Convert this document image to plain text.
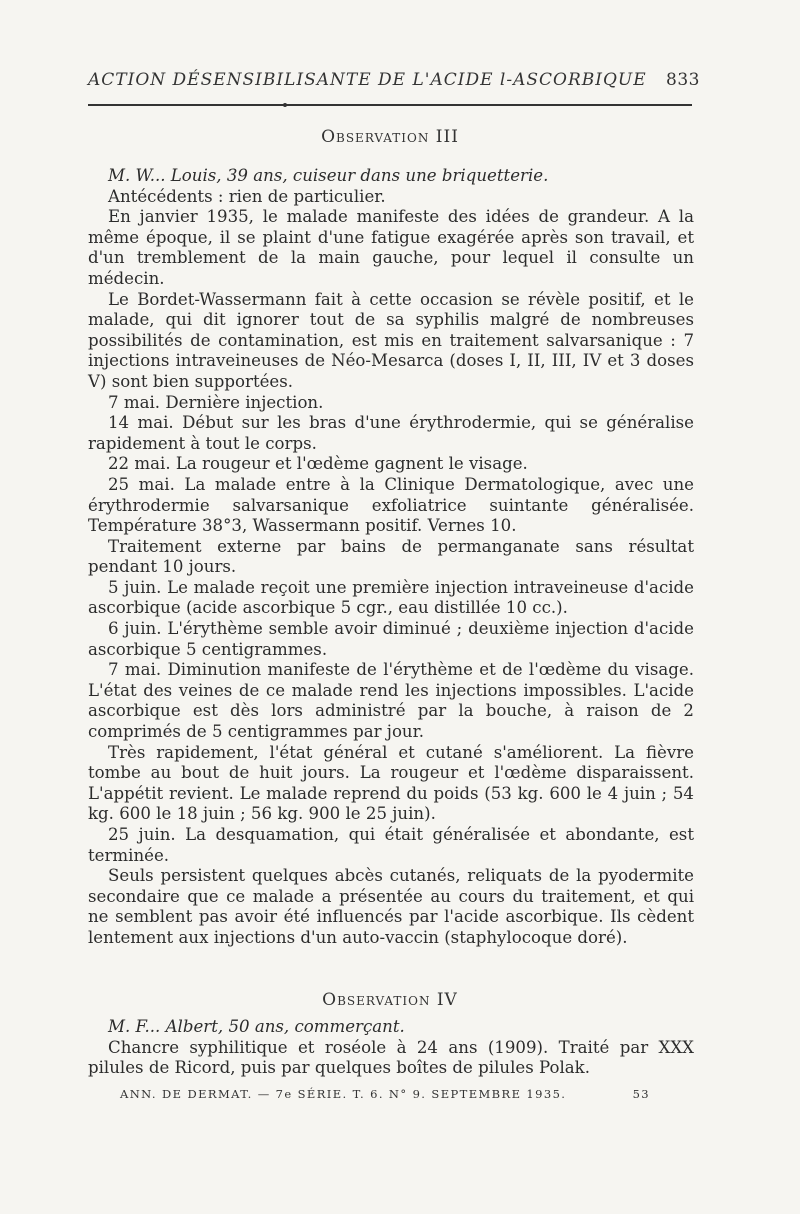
ACTION DÉSENSIBILISANTE DE L'ACIDE l-ASCORBIQUE 833
Observation III

M. W... Louis, 39 ans, cuiseur dans une briquetterie.

Antécédents : rien de particulier.

En janvier 1935, le malade manifeste des idées de grandeur. A la même époque, il se plaint d'une fatigue exagérée après son travail, et d'un tremblement de la main gauche, pour lequel il consulte un médecin.

Le Bordet-Wassermann fait à cette occasion se révèle positif, et le malade, qui dit ignorer tout de sa syphilis malgré de nombreuses possibilités de contamination, est mis en traitement salvarsanique : 7 injections intraveineuses de Néo-Mesarca (doses I, II, III, IV et 3 doses V) sont bien supportées.

7 mai. Dernière injection.

14 mai. Début sur les bras d'une érythrodermie, qui se généralise rapidement à tout le corps.

22 mai. La rougeur et l'œdème gagnent le visage.

25 mai. La malade entre à la Clinique Dermatologique, avec une érythrodermie salvarsanique exfoliatrice suintante généralisée. Température 38°3, Wassermann positif. Vernes 10.

Traitement externe par bains de permanganate sans résultat pendant 10 jours.

5 juin. Le malade reçoit une première injection intraveineuse d'acide ascorbique (acide ascorbique 5 cgr., eau distillée 10 cc.).

6 juin. L'érythème semble avoir diminué ; deuxième injection d'acide ascorbique 5 centigrammes.

7 mai. Diminution manifeste de l'érythème et de l'œdème du visage. L'état des veines de ce malade rend les injections impossibles. L'acide ascorbique est dès lors administré par la bouche, à raison de 2 comprimés de 5 centigrammes par jour.

Très rapidement, l'état général et cutané s'améliorent. La fièvre tombe au bout de huit jours. La rougeur et l'œdème disparaissent. L'appétit revient. Le malade reprend du poids (53 kg. 600 le 4 juin ; 54 kg. 600 le 18 juin ; 56 kg. 900 le 25 juin).

25 juin. La desquamation, qui était généralisée et abondante, est terminée.

Seuls persistent quelques abcès cutanés, reliquats de la pyodermite secondaire que ce malade a présentée au cours du traitement, et qui ne semblent pas avoir été influencés par l'acide ascorbique. Ils cèdent lentement aux injections d'un auto-vaccin (staphylocoque doré).

Observation IV

M. F... Albert, 50 ans, commerçant.

Chancre syphilitique et roséole à 24 ans (1909). Traité par XXX pilules de Ricord, puis par quelques boîtes de pilules Polak.

ANN. DE DERMAT. — 7e SÉRIE. T. 6. N° 9. SEPTEMBRE 1935.	53
